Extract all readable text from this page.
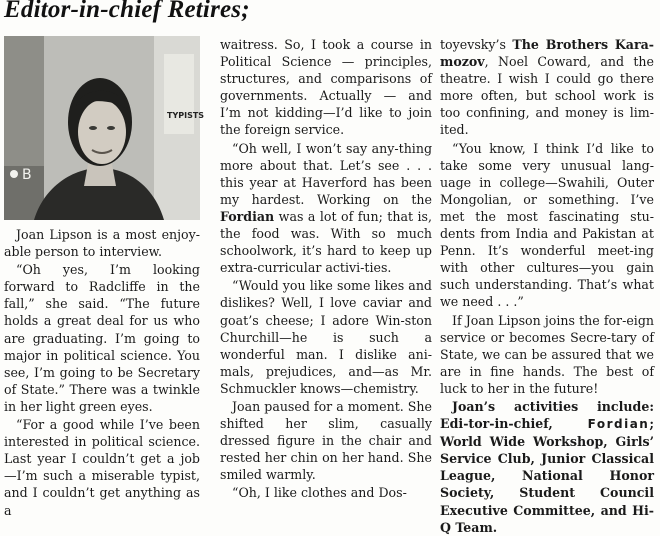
Editor-in-chief Retires;
TYPISTS
B

Joan Lipson is a most enjoy-able person to interview.

“Oh yes, I’m looking forward to Radcliffe in the fall,” she said. “The future holds a great deal for us who are graduating. I’m going to major in political science. You see, I’m going to be Secretary of State.” There was a twinkle in her light green eyes.

“For a good while I’ve been interested in political science. Last year I couldn’t get a job—I’m such a miserable typist, and I couldn’t get anything as a

waitress. So, I took a course in Political Science — principles, structures, and comparisons of governments. Actually — and I’m not kidding—I’d like to join the foreign service.

“Oh well, I won’t say any-thing more about that. Let’s see . . . this year at Haverford has been my hardest. Working on the Fordian was a lot of fun; that is, the food was. With so much schoolwork, it’s hard to keep up extra-curricular activi-ties.

“Would you like some likes and dislikes? Well, I love caviar and goat’s cheese; I adore Win-ston Churchill—he is such a wonderful man. I dislike ani-mals, prejudices, and—as Mr. Schmuckler knows—chemistry.

Joan paused for a moment. She shifted her slim, casually dressed figure in the chair and rested her chin on her hand. She smiled warmly.

“Oh, I like clothes and Dos-

toyevsky’s The Brothers Kara-mozov, Noel Coward, and the theatre. I wish I could go there more often, but school work is too confining, and money is lim-ited.

“You know, I think I’d like to take some very unusual lang-uage in college—Swahili, Outer Mongolian, or something. I’ve met the most fascinating stu-dents from India and Pakistan at Penn. It’s wonderful meet-ing with other cultures—you gain such understanding. That’s what we need . . .”

If Joan Lipson joins the for-eign service or becomes Secre-tary of State, we can be assured that we are in fine hands. The best of luck to her in the future!

Joan’s activities include: Edi-tor-in-chief, Fordian; World Wide Workshop, Girls’ Service Club, Junior Classical League, National Honor Society, Student Council Executive Committee, and Hi-Q Team.
